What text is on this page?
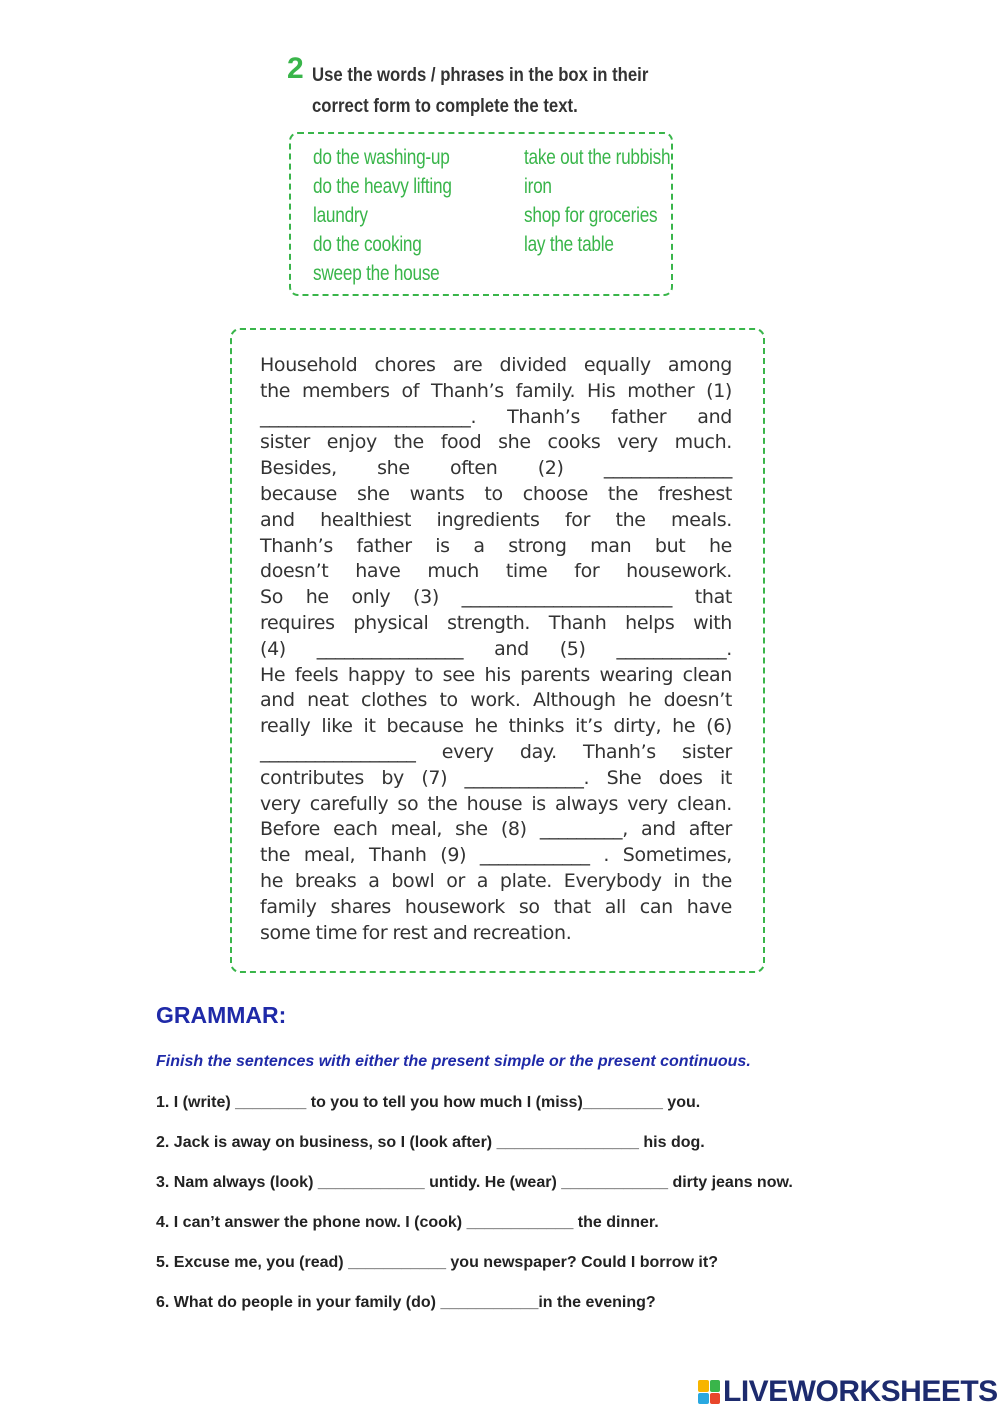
2 Use the words / phrases in the box in their
correct form to complete the text.
do the washing-up	take out the rubbish
do the heavy lifting	iron
laundry	shop for groceries
do the cooking	lay the table
sweep the house
Household chores are divided equally among
the members of Thanh’s family. His mother (1)
_______________________. Thanh’s father and
sister enjoy the food she cooks very much.
Besides, she often (2) ______________
because she wants to choose the freshest
and healthiest ingredients for the meals.
Thanh’s father is a strong man but he
doesn’t have much time for housework.
So he only (3) _______________________ that
requires physical strength. Thanh helps with
(4) ________________ and (5) ____________.
He feels happy to see his parents wearing clean
and neat clothes to work. Although he doesn’t
really like it because he thinks it’s dirty, he (6)
_________________ every day. Thanh’s sister
contributes by (7) _____________. She does it
very carefully so the house is always very clean.
Before each meal, she (8) _________, and after
the meal, Thanh (9) ____________ . Sometimes,
he breaks a bowl or a plate. Everybody in the
family shares housework so that all can have
some time for rest and recreation.
GRAMMAR:
Finish the sentences with either the present simple or the present continuous.
1. I (write) ________ to you to tell you how much I (miss)_________ you.
2. Jack is away on business, so I (look after) ________________ his dog.
3. Nam always (look) ____________ untidy. He (wear) ____________ dirty jeans now.
4. I can’t answer the phone now. I (cook) ____________ the dinner.
5. Excuse me, you (read) ___________ you newspaper? Could I borrow it?
6. What do people in your family (do) ___________in the evening?
LIVEWORKSHEETS
